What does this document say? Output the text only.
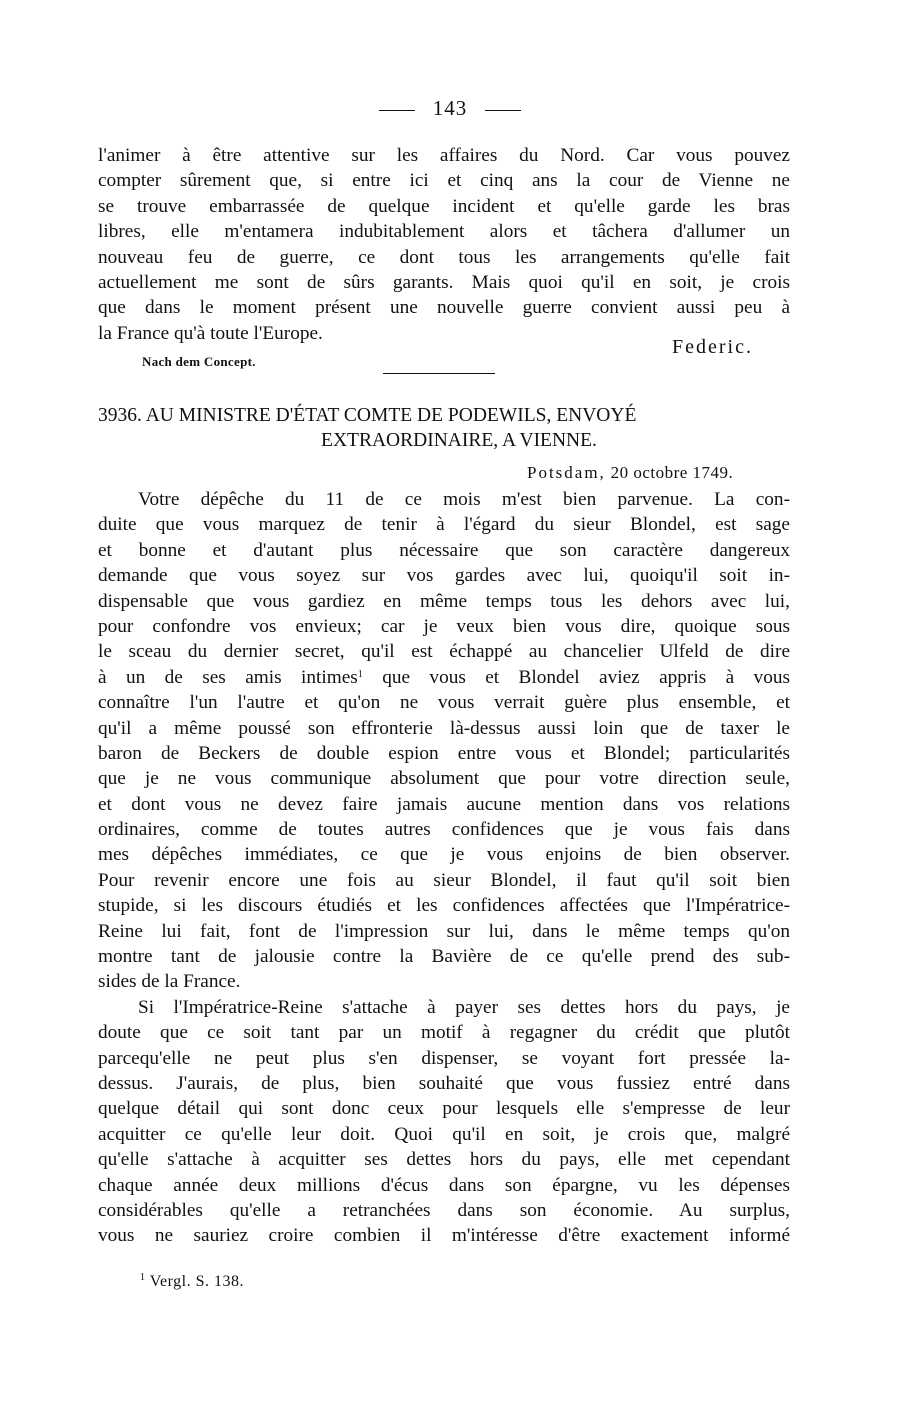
143
l'animer à être attentive sur les affaires du Nord. Car vous pouvez
compter sûrement que, si entre ici et cinq ans la cour de Vienne ne
se trouve embarrassée de quelque incident et qu'elle garde les bras
libres, elle m'entamera indubitablement alors et tâchera d'allumer un
nouveau feu de guerre, ce dont tous les arrangements qu'elle fait
actuellement me sont de sûrs garants. Mais quoi qu'il en soit, je crois
que dans le moment présent une nouvelle guerre convient aussi peu à
la France qu'à toute l'Europe.
Federic.
Nach dem Concept.
3936. AU MINISTRE D'ÉTAT COMTE DE PODEWILS, ENVOYÉ
EXTRAORDINAIRE, A VIENNE.
Potsdam, 20 octobre 1749.
Votre dépêche du 11 de ce mois m'est bien parvenue. La con-
duite que vous marquez de tenir à l'égard du sieur Blondel, est sage
et bonne et d'autant plus nécessaire que son caractère dangereux
demande que vous soyez sur vos gardes avec lui, quoiqu'il soit in-
dispensable que vous gardiez en même temps tous les dehors avec lui,
pour confondre vos envieux; car je veux bien vous dire, quoique sous
le sceau du dernier secret, qu'il est échappé au chancelier Ulfeld de dire
à un de ses amis intimes$^1$ que vous et Blondel aviez appris à vous
connaître l'un l'autre et qu'on ne vous verrait guère plus ensemble, et
qu'il a même poussé son effronterie là-dessus aussi loin que de taxer le
baron de Beckers de double espion entre vous et Blondel; particularités
que je ne vous communique absolument que pour votre direction seule,
et dont vous ne devez faire jamais aucune mention dans vos relations
ordinaires, comme de toutes autres confidences que je vous fais dans
mes dépêches immédiates, ce que je vous enjoins de bien observer.
Pour revenir encore une fois au sieur Blondel, il faut qu'il soit bien
stupide, si les discours étudiés et les confidences affectées que l'Impératrice-
Reine lui fait, font de l'impression sur lui, dans le même temps qu'on
montre tant de jalousie contre la Bavière de ce qu'elle prend des sub-
sides de la France.
Si l'Impératrice-Reine s'attache à payer ses dettes hors du pays, je
doute que ce soit tant par un motif à regagner du crédit que plutôt
parcequ'elle ne peut plus s'en dispenser, se voyant fort pressée la-
dessus. J'aurais, de plus, bien souhaité que vous fussiez entré dans
quelque détail qui sont donc ceux pour lesquels elle s'empresse de leur
acquitter ce qu'elle leur doit. Quoi qu'il en soit, je crois que, malgré
qu'elle s'attache à acquitter ses dettes hors du pays, elle met cependant
chaque année deux millions d'écus dans son épargne, vu les dépenses
considérables qu'elle a retranchées dans son économie. Au surplus,
vous ne sauriez croire combien il m'intéresse d'être exactement informé
$^1$ Vergl. S. 138.
